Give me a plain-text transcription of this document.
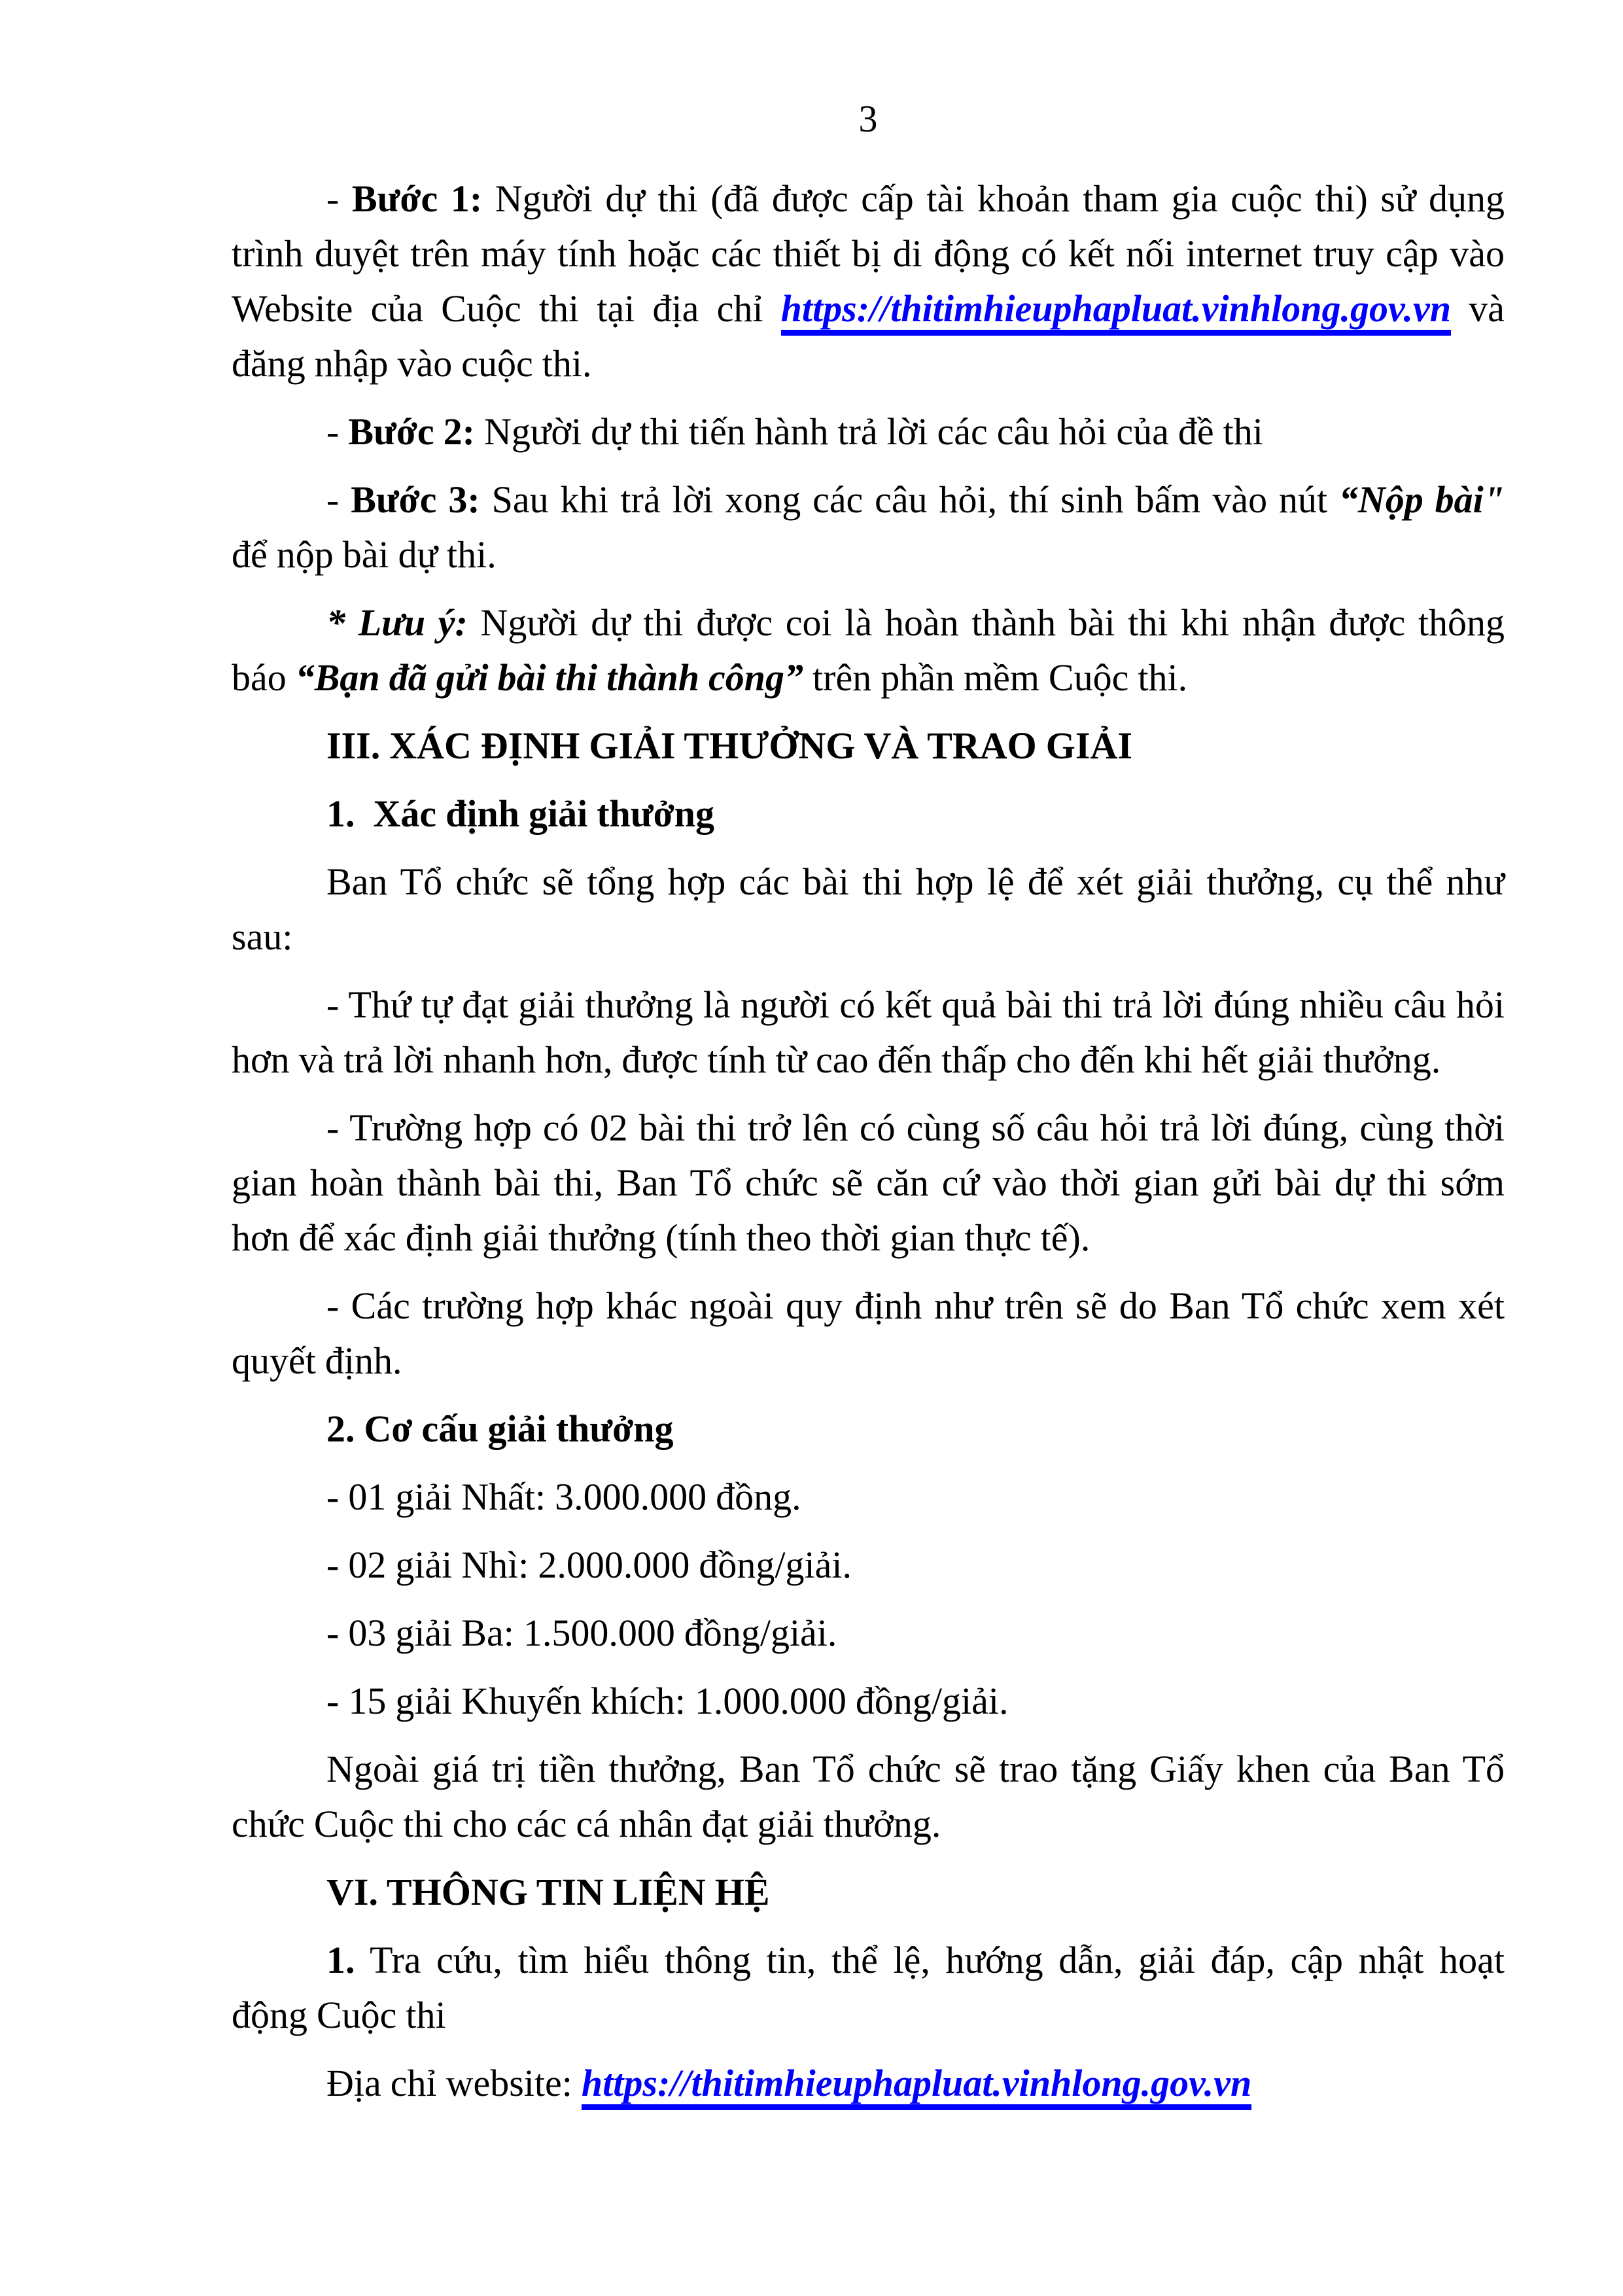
3
- Bước 1: Người dự thi (đã được cấp tài khoản tham gia cuộc thi) sử dụng
trình duyệt trên máy tính hoặc các thiết bị di động có kết nối internet truy cập vào
Website của Cuộc thi tại địa chỉ https://thitimhieuphapluat.vinhlong.gov.vn và
đăng nhập vào cuộc thi.
- Bước 2: Người dự thi tiến hành trả lời các câu hỏi của đề thi
- Bước 3: Sau khi trả lời xong các câu hỏi, thí sinh bấm vào nút “Nộp bài"
để nộp bài dự thi.
* Lưu ý: Người dự thi được coi là hoàn thành bài thi khi nhận được thông
báo “Bạn đã gửi bài thi thành công” trên phần mềm Cuộc thi.
III. XÁC ĐỊNH GIẢI THƯỞNG VÀ TRAO GIẢI
1.  Xác định giải thưởng
Ban Tổ chức sẽ tổng hợp các bài thi hợp lệ để xét giải thưởng, cụ thể như
sau:
- Thứ tự đạt giải thưởng là người có kết quả bài thi trả lời đúng nhiều câu hỏi
hơn và trả lời nhanh hơn, được tính từ cao đến thấp cho đến khi hết giải thưởng.
- Trường hợp có 02 bài thi trở lên có cùng số câu hỏi trả lời đúng, cùng thời
gian hoàn thành bài thi, Ban Tổ chức sẽ căn cứ vào thời gian gửi bài dự thi sớm
hơn để xác định giải thưởng (tính theo thời gian thực tế).
- Các trường hợp khác ngoài quy định như trên sẽ do Ban Tổ chức xem xét
quyết định.
2. Cơ cấu giải thưởng
- 01 giải Nhất: 3.000.000 đồng.
- 02 giải Nhì: 2.000.000 đồng/giải.
- 03 giải Ba: 1.500.000 đồng/giải.
- 15 giải Khuyến khích: 1.000.000 đồng/giải.
Ngoài giá trị tiền thưởng, Ban Tổ chức sẽ trao tặng Giấy khen của Ban Tổ
chức Cuộc thi cho các cá nhân đạt giải thưởng.
VI. THÔNG TIN LIỆN HỆ
1. Tra cứu, tìm hiểu thông tin, thể lệ, hướng dẫn, giải đáp, cập nhật hoạt
động Cuộc thi
Địa chỉ website: https://thitimhieuphapluat.vinhlong.gov.vn
